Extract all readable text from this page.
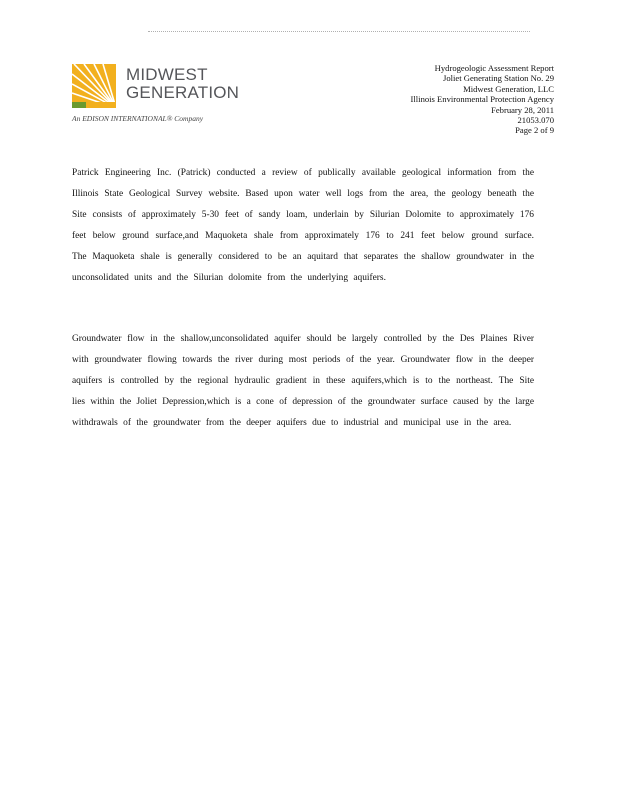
MIDWEST
GENERATION
An EDISON INTERNATIONAL® Company
Hydrogeologic Assessment Report
Joliet Generating Station No. 29
Midwest Generation, LLC
Illinois Environmental Protection Agency
February 28, 2011
21053.070
Page 2 of 9

Patrick Engineering Inc. (Patrick) conducted a review of publically available geological information from the Illinois State Geological Survey website. Based upon water well logs from the area, the geology beneath the Site consists of approximately 5-30 feet of sandy loam, underlain by Silurian Dolomite to approximately 176 feet below ground surface,and Maquoketa shale from approximately 176 to 241 feet below ground surface. The Maquoketa shale is generally considered to be an aquitard that separates the shallow groundwater in the unconsolidated units and the Silurian dolomite from the underlying aquifers.

Groundwater flow in the shallow,unconsolidated aquifer should be largely controlled by the Des Plaines River with groundwater flowing towards the river during most periods of the year. Groundwater flow in the deeper aquifers is controlled by the regional hydraulic gradient in these aquifers,which is to the northeast. The Site lies within the Joliet Depression,which is a cone of depression of the groundwater surface caused by the large withdrawals of the groundwater from the deeper aquifers due to industrial and municipal use in the area.
